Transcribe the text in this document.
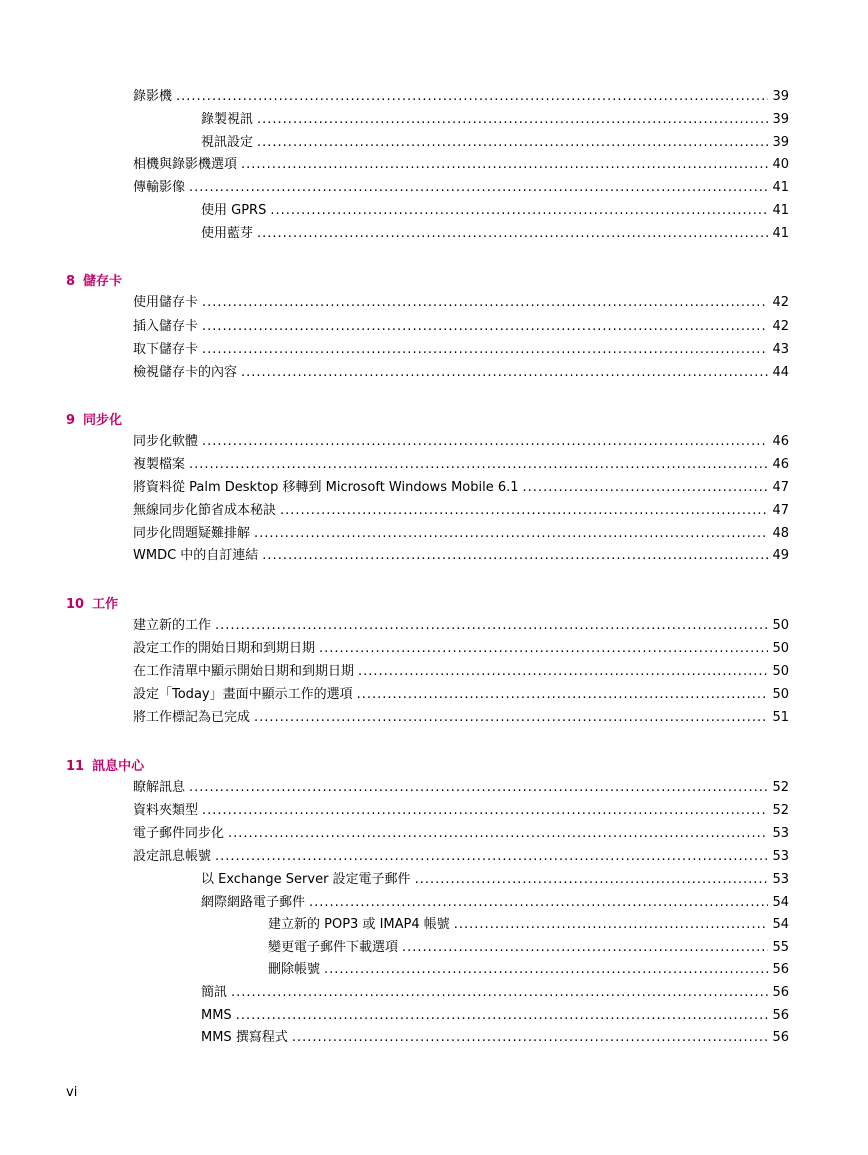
錄影機 .....	39
錄製視訊 .....	39
視訊設定 .....	39
相機與錄影機選項 .....	40
傳輸影像 .....	41
使用 GPRS .....	41
使用藍芽 .....	41
8 儲存卡
使用儲存卡 .....	42
插入儲存卡 .....	42
取下儲存卡 .....	43
檢視儲存卡的內容 .....	44
9 同步化
同步化軟體 .....	46
複製檔案 .....	46
將資料從 Palm Desktop 移轉到 Microsoft Windows Mobile 6.1 .....	47
無線同步化節省成本秘訣 .....	47
同步化問題疑難排解 .....	48
WMDC 中的自訂連結 .....	49
10 工作
建立新的工作 .....	50
設定工作的開始日期和到期日期 .....	50
在工作清單中顯示開始日期和到期日期 .....	50
設定「Today」畫面中顯示工作的選項 .....	50
將工作標記為已完成 .....	51
11 訊息中心
瞭解訊息 .....	52
資料夾類型 .....	52
電子郵件同步化 .....	53
設定訊息帳號 .....	53
以 Exchange Server 設定電子郵件 .....	53
網際網路電子郵件 .....	54
建立新的 POP3 或 IMAP4 帳號 .....	54
變更電子郵件下載選項 .....	55
刪除帳號 .....	56
簡訊 .....	56
MMS .....	56
MMS 撰寫程式 .....	56
vi
